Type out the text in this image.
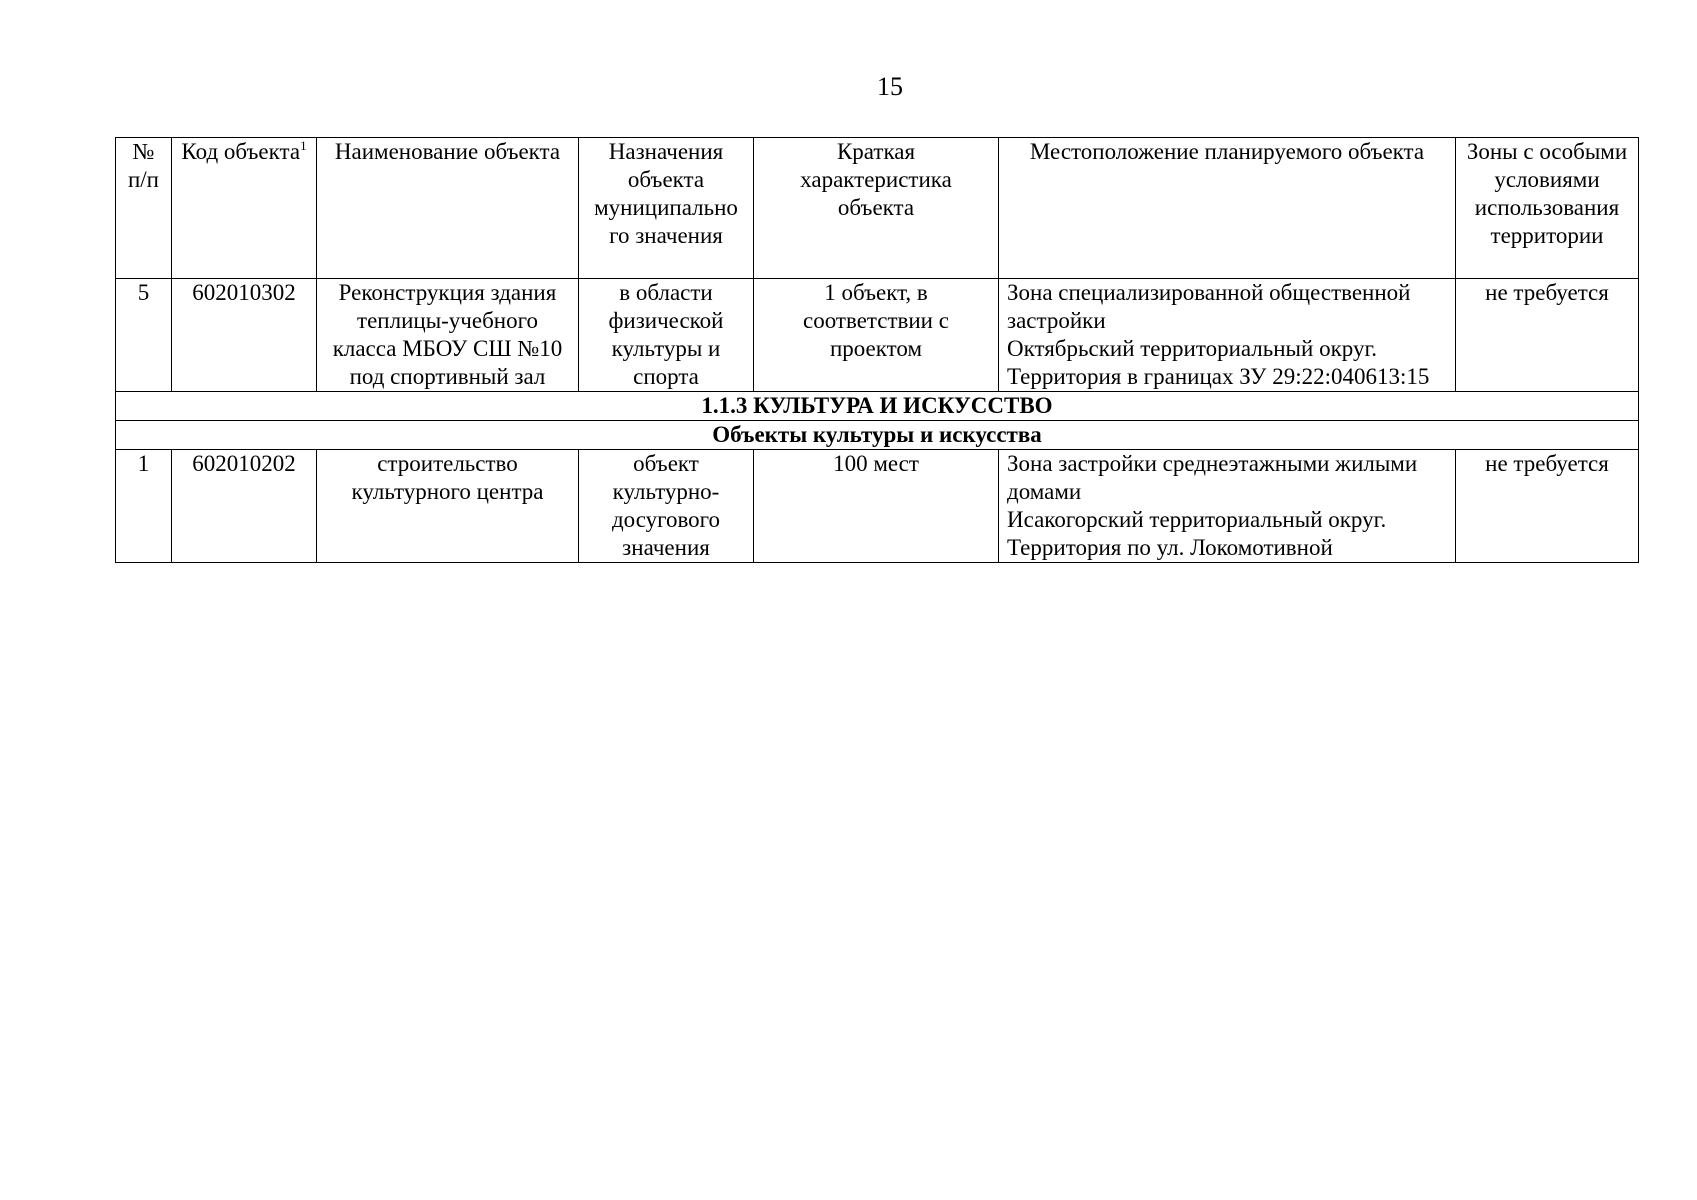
15
№ п/п	Код объекта$^1$	Наименование объекта	Назначения объекта муниципально го значения	Краткая характеристика объекта	Местоположение планируемого объекта	Зоны с особыми условиями использования территории
5	602010302	Реконструкция здания теплицы-учебного класса МБОУ СШ №10 под спортивный зал	в области физической культуры и спорта	1 объект, в соответствии с проектом	Зона специализированной общественной застройки
Октябрьский территориальный округ.
Территория в границах ЗУ 29:22:040613:15	не требуется
1.1.3 КУЛЬТУРА И ИСКУССТВО						
Объекты культуры и искусства						
1	602010202	строительство культурного центра	объект культурно-досугового значения	100 мест	Зона застройки среднеэтажными жилыми домами
Исакогорский территориальный округ.
Территория по ул. Локомотивной	не требуется
